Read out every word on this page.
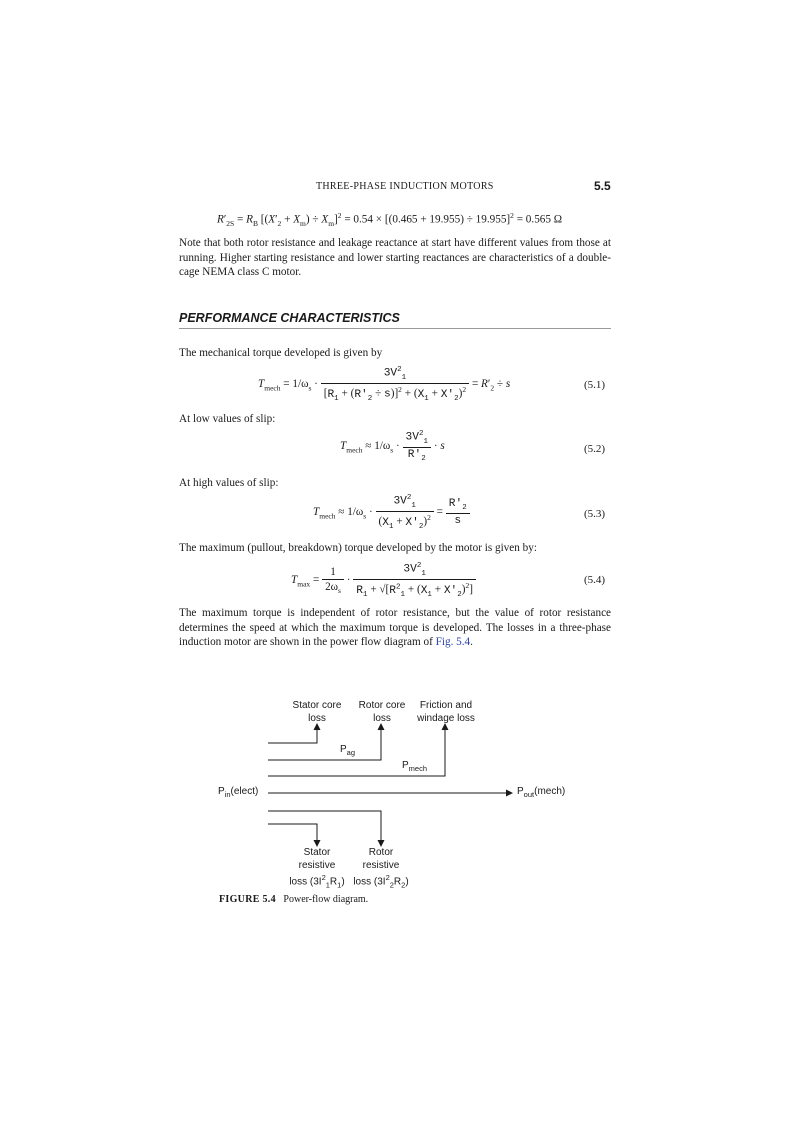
THREE-PHASE INDUCTION MOTORS	5.5
$R'_{2S} = R_B$ $[(X'_2 + X_m) \div X_m]^2 = 0.54 \times [(0.465 + 19.955) \div 19.955]^2 = 0.565$ Ω
Note that both rotor resistance and leakage reactance at start have different values from those at running. Higher starting resistance and lower starting reactances are characteristics of a double-cage NEMA class C motor.
PERFORMANCE CHARACTERISTICS
The mechanical torque developed is given by
$T_{mech} = 1/\omega_s \cdot \frac{3V^2_1}{[R_1 + (R'_2 \div s)]^2 + (X_1 + X'_2)^2} = R'_2 \div s$	(5.1)
At low values of slip:
$T_{mech} \approx 1/\omega_s \cdot \frac{3V^2_1}{R'_2} \cdot s$	(5.2)
At high values of slip:
$T_{mech} \approx 1/\omega_s \cdot \frac{3V^2_1}{(X_1 + X'_2)^2} = \frac{R'_2}{s}$	(5.3)
The maximum (pullout, breakdown) torque developed by the motor is given by:
$T_{max} = \frac{1}{2\omega_s} \cdot \frac{3V^2_1}{R_1 + √[R^2_1 + (X_1 + X'_2)^2]}$	(5.4)
The maximum torque is independent of rotor resistance, but the value of rotor resistance determines the speed at which the maximum torque is developed. The losses in a three-phase induction motor are shown in the power flow diagram of Fig. 5.4.
Stator core
loss
Rotor core
loss
Friction and
windage loss
$P_{ag}$
$P_{mech}$
$P_{in}(elect)$	$P_{out}(mech)$
Stator
resistive
loss $(3I^2_1R_1)$
Rotor
resistive
loss $(3I^2_2R_2)$
FIGURE 5.4 Power-flow diagram.
